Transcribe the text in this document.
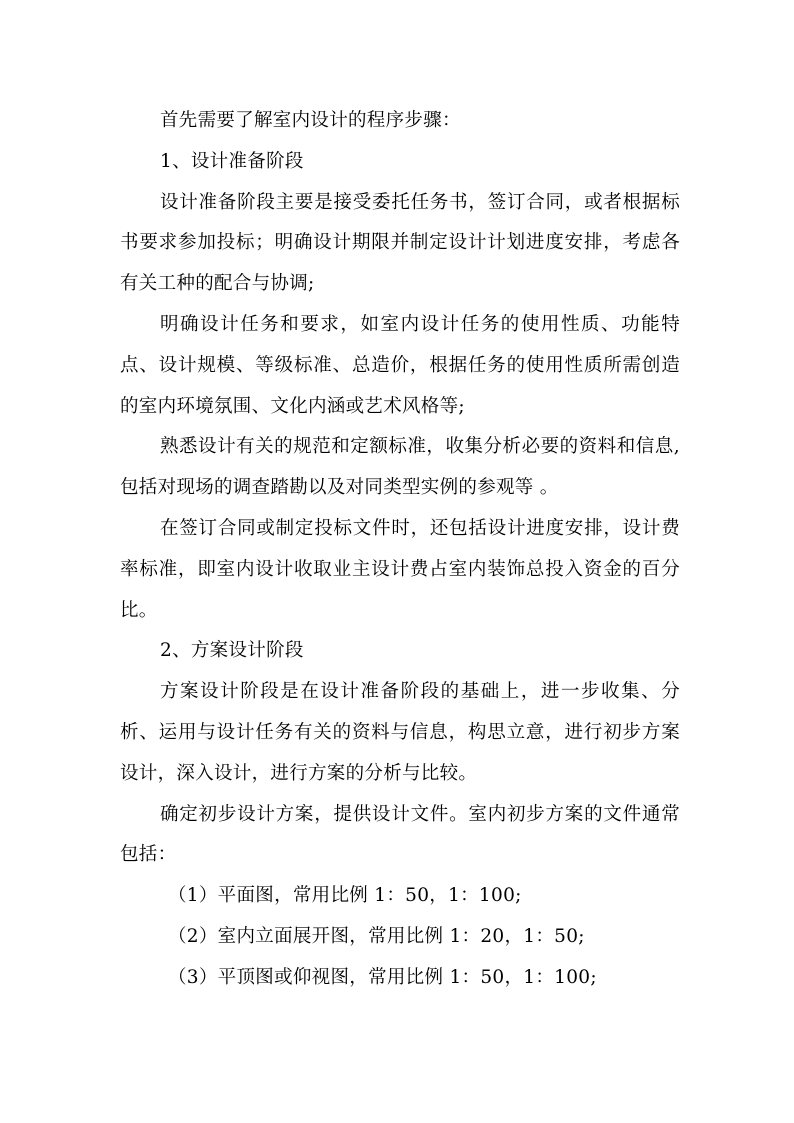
首先需要了解室内设计的程序步骤：

1、设计准备阶段

设计准备阶段主要是接受委托任务书，签订合同，或者根据标书要求参加投标；明确设计期限并制定设计计划进度安排，考虑各有关工种的配合与协调;

明确设计任务和要求，如室内设计任务的使用性质、功能特点、设计规模、等级标准、总造价，根据任务的使用性质所需创造的室内环境氛围、文化内涵或艺术风格等;

熟悉设计有关的规范和定额标准，收集分析必要的资料和信息,包括对现场的调查踏勘以及对同类型实例的参观等 。

在签订合同或制定投标文件时，还包括设计进度安排，设计费率标准，即室内设计收取业主设计费占室内装饰总投入资金的百分比。

2、方案设计阶段

方案设计阶段是在设计准备阶段的基础上，进一步收集、分析、运用与设计任务有关的资料与信息，构思立意，进行初步方案设计，深入设计，进行方案的分析与比较。

确定初步设计方案，提供设计文件。室内初步方案的文件通常包括：

（1）平面图，常用比例 1：50，1：100;

（2）室内立面展开图，常用比例 1：20，1：50;

（3）平顶图或仰视图，常用比例 1：50，1：100;
